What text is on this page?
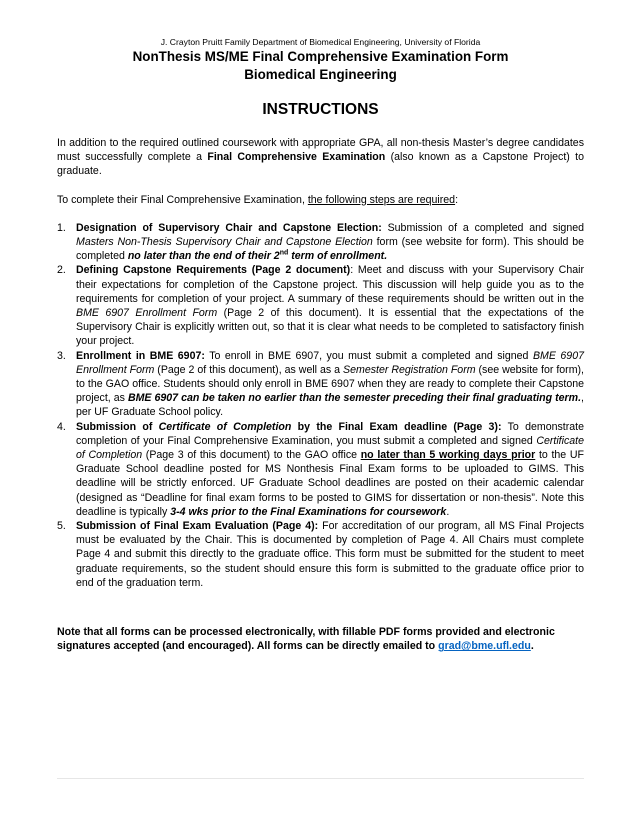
J. Crayton Pruitt Family Department of Biomedical Engineering, University of Florida

NonThesis MS/ME Final Comprehensive Examination Form

Biomedical Engineering

INSTRUCTIONS

In addition to the required outlined coursework with appropriate GPA, all non-thesis Master’s degree candidates must successfully complete a Final Comprehensive Examination (also known as a Capstone Project) to graduate.

To complete their Final Comprehensive Examination, the following steps are required:

1. Designation of Supervisory Chair and Capstone Election: Submission of a completed and signed Masters Non-Thesis Supervisory Chair and Capstone Election form (see website for form). This should be completed no later than the end of their 2nd term of enrollment.
2. Defining Capstone Requirements (Page 2 document): Meet and discuss with your Supervisory Chair their expectations for completion of the Capstone project. This discussion will help guide you as to the requirements for completion of your project. A summary of these requirements should be written out in the BME 6907 Enrollment Form (Page 2 of this document). It is essential that the expectations of the Supervisory Chair is explicitly written out, so that it is clear what needs to be completed to satisfactory finish your project.
3. Enrollment in BME 6907: To enroll in BME 6907, you must submit a completed and signed BME 6907 Enrollment Form (Page 2 of this document), as well as a Semester Registration Form (see website for form), to the GAO office. Students should only enroll in BME 6907 when they are ready to complete their Capstone project, as BME 6907 can be taken no earlier than the semester preceding their final graduating term., per UF Graduate School policy.
4. Submission of Certificate of Completion by the Final Exam deadline (Page 3): To demonstrate completion of your Final Comprehensive Examination, you must submit a completed and signed Certificate of Completion (Page 3 of this document) to the GAO office no later than 5 working days prior to the UF Graduate School deadline posted for MS Nonthesis Final Exam forms to be uploaded to GIMS. This deadline will be strictly enforced. UF Graduate School deadlines are posted on their academic calendar (designed as “Deadline for final exam forms to be posted to GIMS for dissertation or non-thesis”. Note this deadline is typically 3-4 wks prior to the Final Examinations for coursework.
5. Submission of Final Exam Evaluation (Page 4): For accreditation of our program, all MS Final Projects must be evaluated by the Chair. This is documented by completion of Page 4. All Chairs must complete Page 4 and submit this directly to the graduate office. This form must be submitted for the student to meet graduate requirements, so the student should ensure this form is submitted to the graduate office prior to end of the graduation term.

Note that all forms can be processed electronically, with fillable PDF forms provided and electronic signatures accepted (and encouraged). All forms can be directly emailed to grad@bme.ufl.edu.
